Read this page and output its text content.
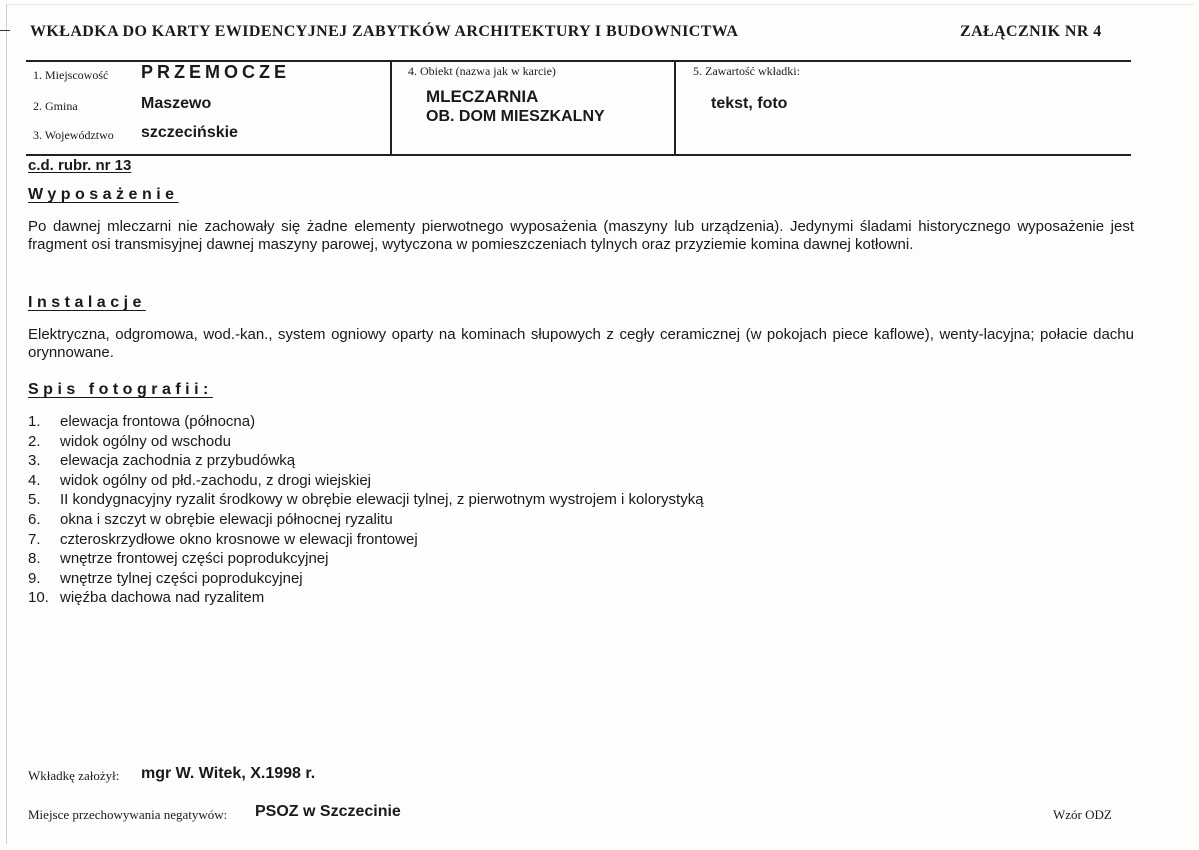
WKŁADKA DO KARTY EWIDENCYJNEJ ZABYTKÓW ARCHITEKTURY I BUDOWNICTWA	ZAŁĄCZNIK NR 4
1. Miejscowość PRZEMOCZE
2. Gmina	Maszewo
3. Województwo szczecińskie
4. Obiekt (nazwa jak w karcie)
MLECZARNIA
OB. DOM MIESZKALNY
5. Zawartość wkładki:
tekst, foto
c.d. rubr. nr 13
Wyposażenie
Po dawnej mleczarni nie zachowały się żadne elementy pierwotnego wyposażenia (maszyny lub urządzenia). Jedynymi śladami historycznego wyposażenie jest fragment osi transmisyjnej dawnej maszyny parowej, wytyczona w pomieszczeniach tylnych oraz przyziemie komina dawnej kotłowni.
Instalacje
Elektryczna, odgromowa, wod.-kan., system ogniowy oparty na kominach słupowych z cegły ceramicznej (w pokojach piece kaflowe), wenty-lacyjna; połacie dachu orynnowane.
Spis fotografii:
1.	elewacja frontowa (północna)
2.	widok ogólny od wschodu
3.	elewacja zachodnia z przybudówką
4.	widok ogólny od płd.-zachodu, z drogi wiejskiej
5.	II kondygnacyjny ryzalit środkowy w obrębie elewacji tylnej, z pierwotnym wystrojem i kolorystyką
6.	okna i szczyt w obrębie elewacji północnej ryzalitu
7.	czteroskrzydłowe okno krosnowe w elewacji frontowej
8.	wnętrze frontowej części poprodukcyjnej
9.	wnętrze tylnej części poprodukcyjnej
10. więźba dachowa nad ryzalitem
Wkładkę założył: mgr W. Witek, X.1998 r.
Miejsce przechowywania negatywów: PSOZ w Szczecinie	Wzór ODZ
